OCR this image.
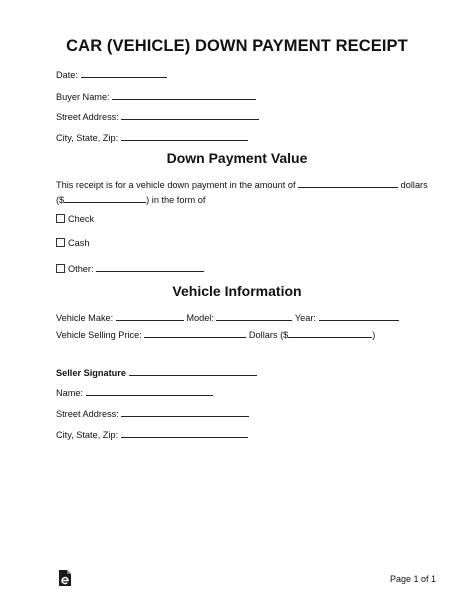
CAR (VEHICLE) DOWN PAYMENT RECEIPT
Date:
Buyer Name:
Street Address:
City, State, Zip:
Down Payment Value
This receipt is for a vehicle down payment in the amount of	dollars
($	) in the form of
Check
Cash
Other:
Vehicle Information
Vehicle Make:	Model:	Year:
Vehicle Selling Price:	Dollars ($	)
Seller Signature
Name:
Street Address:
City, State, Zip:
Page 1 of 1
